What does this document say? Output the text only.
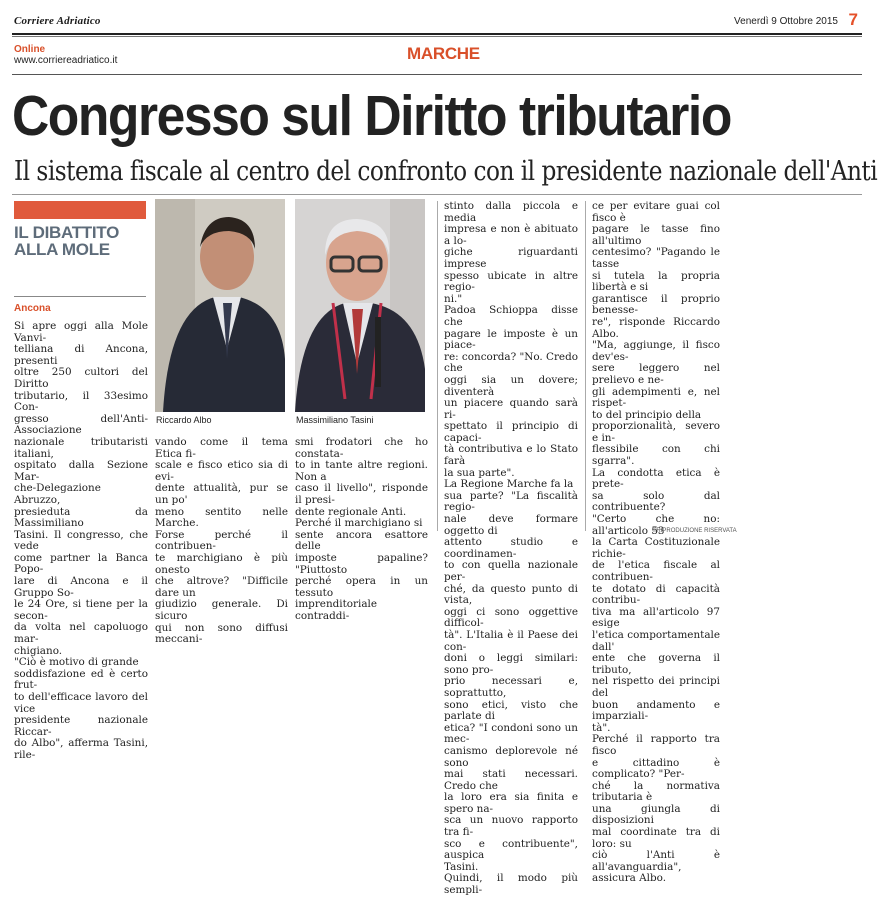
Corriere Adriatico	Venerdì 9 Ottobre 2015 7
Online
www.corriereadriatico.it	MARCHE
Congresso sul Diritto tributario
Il sistema fiscale al centro del confronto con il presidente nazionale dell'Anti
IL DIBATTITO ALLA MOLE
Ancona
Si apre oggi alla Mole Vanvi-
telliana di Ancona, presenti
oltre 250 cultori del Diritto
tributario, il 33esimo Con-
gresso dell'Anti-Associazione
nazionale tributaristi italiani,
ospitato dalla Sezione Mar-
che-Delegazione Abruzzo,
presieduta da Massimiliano
Tasini. Il congresso, che vede
come partner la Banca Popo-
lare di Ancona e il Gruppo So-
le 24 Ore, si tiene per la secon-
da volta nel capoluogo mar-
chigiano.
"Ciò è motivo di grande
soddisfazione ed è certo frut-
to dell'efficace lavoro del vice
presidente nazionale Riccar-
do Albo", afferma Tasini, rile-
Riccardo Albo	Massimiliano Tasini
vando come il tema Etica fi-
scale e fisco etico sia di evi-
dente attualità, pur se un po'
meno sentito nelle Marche.
Forse perché il contribuen-
te marchigiano è più onesto
che altrove? "Difficile dare un
giudizio generale. Di sicuro
qui non sono diffusi meccani-
smi frodatori che ho constata-
to in tante altre regioni. Non a
caso il livello", risponde il presi-
dente regionale Anti.
Perché il marchigiano si
sente ancora esattore delle
imposte papaline? "Piuttosto
perché opera in un tessuto
imprenditoriale contraddi-
stinto dalla piccola e media
impresa e non è abituato a lo-
giche riguardanti imprese
spesso ubicate in altre regio-
ni."
Padoa Schioppa disse che
pagare le imposte è un piace-
re: concorda? "No. Credo che
oggi sia un dovere; diventerà
un piacere quando sarà ri-
spettato il principio di capaci-
tà contributiva e lo Stato farà
la sua parte".
La Regione Marche fa la
sua parte? "La fiscalità regio-
nale deve formare oggetto di
attento studio e coordinamen-
to con quella nazionale per-
ché, da questo punto di vista,
oggi ci sono oggettive difficol-
tà". L'Italia è il Paese dei con-
doni o leggi similari: sono pro-
prio necessari e, soprattutto,
sono etici, visto che parlate di
etica? "I condoni sono un mec-
canismo deplorevole né sono
mai stati necessari. Credo che
la loro era sia finita e spero na-
sca un nuovo rapporto tra fi-
sco e contribuente", auspica
Tasini.
Quindi, il modo più sempli-
ce per evitare guai col fisco è
pagare le tasse fino all'ultimo
centesimo? "Pagando le tasse
si tutela la propria libertà e si
garantisce il proprio benesse-
re", risponde Riccardo Albo.
"Ma, aggiunge, il fisco dev'es-
sere leggero nel prelievo e ne-
gli adempimenti e, nel rispet-
to del principio della
proporzionalità, severo e in-
flessibile con chi sgarra".
La condotta etica è prete-
sa solo dal contribuente?
"Certo che no: all'articolo 53
la Carta Costituzionale richie-
de l'etica fiscale al contribuen-
te dotato di capacità contribu-
tiva ma all'articolo 97 esige
l'etica comportamentale dall'
ente che governa il tributo,
nel rispetto dei principi del
buon andamento e imparziali-
tà".
Perché il rapporto tra fisco
e cittadino è complicato? "Per-
ché la normativa tributaria è
una giungla di disposizioni
mal coordinate tra di loro: su
ciò l'Anti è all'avanguardia",
assicura Albo.
©RIPRODUZIONE RISERVATA
